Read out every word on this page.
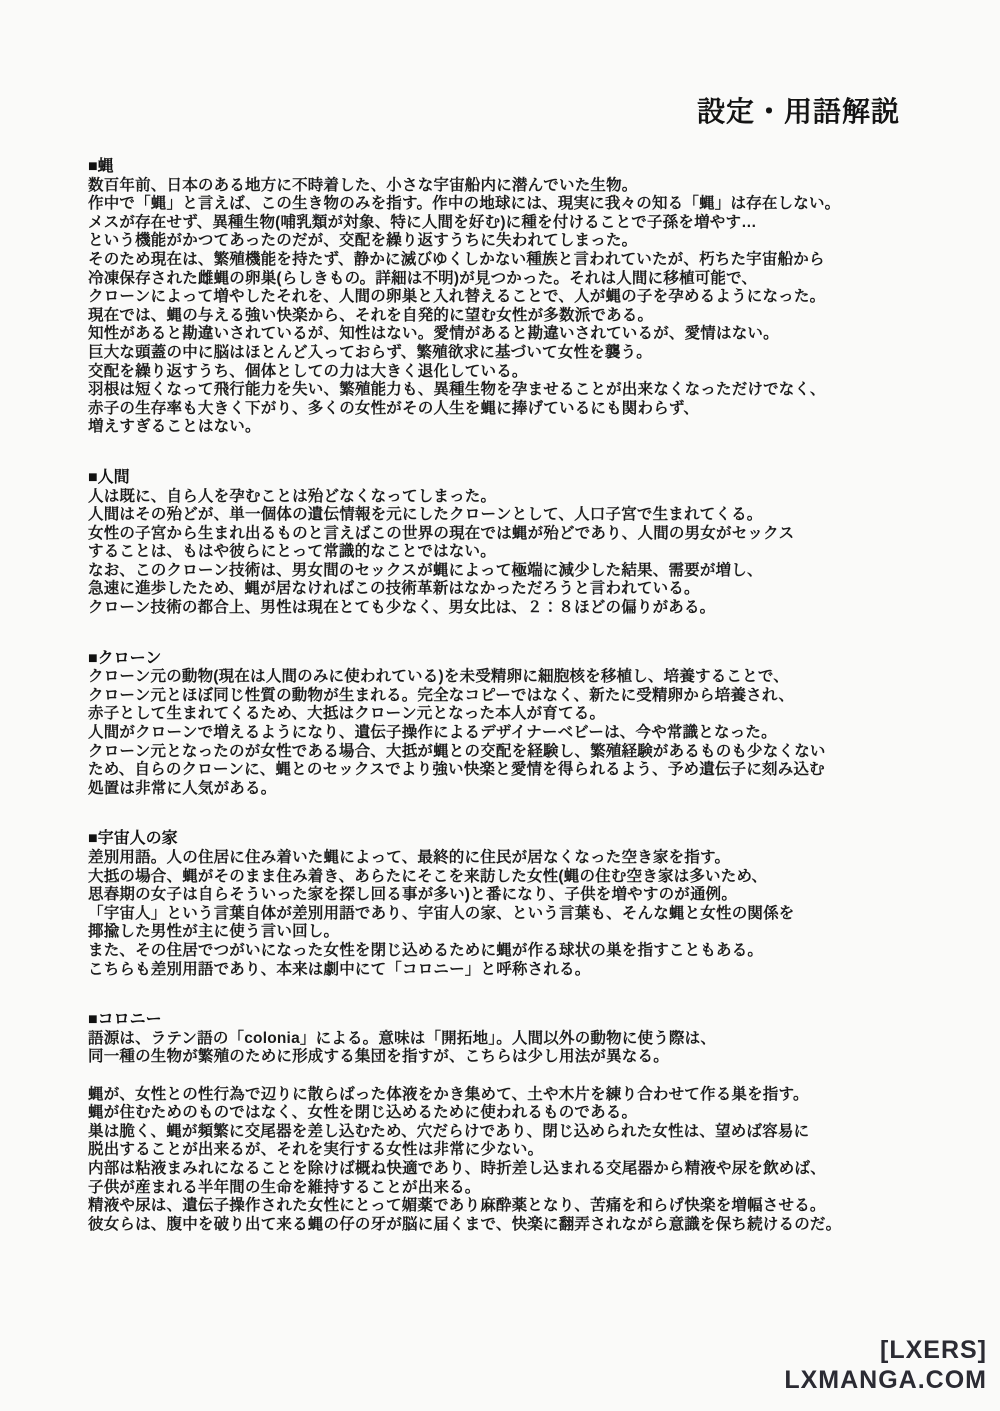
設定・用語解説
■蝿
数百年前、日本のある地方に不時着した、小さな宇宙船内に潜んでいた生物。
作中で「蝿」と言えば、この生き物のみを指す。作中の地球には、現実に我々の知る「蝿」は存在しない。
メスが存在せず、異種生物(哺乳類が対象、特に人間を好む)に種を付けることで子孫を増やす…
という機能がかつてあったのだが、交配を繰り返すうちに失われてしまった。
そのため現在は、繁殖機能を持たず、静かに滅びゆくしかない種族と言われていたが、朽ちた宇宙船から
冷凍保存された雌蝿の卵巣(らしきもの。詳細は不明)が見つかった。それは人間に移植可能で、
クローンによって増やしたそれを、人間の卵巣と入れ替えることで、人が蝿の子を孕めるようになった。
現在では、蝿の与える強い快楽から、それを自発的に望む女性が多数派である。
知性があると勘違いされているが、知性はない。愛情があると勘違いされているが、愛情はない。
巨大な頭蓋の中に脳はほとんど入っておらず、繁殖欲求に基づいて女性を襲う。
交配を繰り返すうち、個体としての力は大きく退化している。
羽根は短くなって飛行能力を失い、繁殖能力も、異種生物を孕ませることが出来なくなっただけでなく、
赤子の生存率も大きく下がり、多くの女性がその人生を蝿に捧げているにも関わらず、
増えすぎることはない。
■人間
人は既に、自ら人を孕むことは殆どなくなってしまった。
人間はその殆どが、単一個体の遺伝情報を元にしたクローンとして、人口子宮で生まれてくる。
女性の子宮から生まれ出るものと言えばこの世界の現在では蝿が殆どであり、人間の男女がセックス
することは、もはや彼らにとって常識的なことではない。
なお、このクローン技術は、男女間のセックスが蝿によって極端に減少した結果、需要が増し、
急速に進歩したため、蝿が居なければこの技術革新はなかっただろうと言われている。
クローン技術の都合上、男性は現在とても少なく、男女比は、２：８ほどの偏りがある。
■クローン
クローン元の動物(現在は人間のみに使われている)を未受精卵に細胞核を移植し、培養することで、
クローン元とほぼ同じ性質の動物が生まれる。完全なコピーではなく、新たに受精卵から培養され、
赤子として生まれてくるため、大抵はクローン元となった本人が育てる。
人間がクローンで増えるようになり、遺伝子操作によるデザイナーベビーは、今や常識となった。
クローン元となったのが女性である場合、大抵が蝿との交配を経験し、繁殖経験があるものも少なくない
ため、自らのクローンに、蝿とのセックスでより強い快楽と愛情を得られるよう、予め遺伝子に刻み込む
処置は非常に人気がある。
■宇宙人の家
差別用語。人の住居に住み着いた蝿によって、最終的に住民が居なくなった空き家を指す。
大抵の場合、蝿がそのまま住み着き、あらたにそこを来訪した女性(蝿の住む空き家は多いため、
思春期の女子は自らそういった家を探し回る事が多い)と番になり、子供を増やすのが通例。
「宇宙人」という言葉自体が差別用語であり、宇宙人の家、という言葉も、そんな蝿と女性の関係を
揶揄した男性が主に使う言い回し。
また、その住居でつがいになった女性を閉じ込めるために蝿が作る球状の巣を指すこともある。
こちらも差別用語であり、本来は劇中にて「コロニー」と呼称される。
■コロニー
語源は、ラテン語の「colonia」による。意味は「開拓地」。人間以外の動物に使う際は、
同一種の生物が繁殖のために形成する集団を指すが、こちらは少し用法が異なる。
蝿が、女性との性行為で辺りに散らばった体液をかき集めて、土や木片を練り合わせて作る巣を指す。
蝿が住むためのものではなく、女性を閉じ込めるために使われるものである。
巣は脆く、蝿が頻繁に交尾器を差し込むため、穴だらけであり、閉じ込められた女性は、望めば容易に
脱出することが出来るが、それを実行する女性は非常に少ない。
内部は粘液まみれになることを除けば概ね快適であり、時折差し込まれる交尾器から精液や尿を飲めば、
子供が産まれる半年間の生命を維持することが出来る。
精液や尿は、遺伝子操作された女性にとって媚薬であり麻酔薬となり、苦痛を和らげ快楽を増幅させる。
彼女らは、腹中を破り出て来る蝿の仔の牙が脳に届くまで、快楽に翻弄されながら意識を保ち続けるのだ。
[LXERS]
LXMANGA.COM
